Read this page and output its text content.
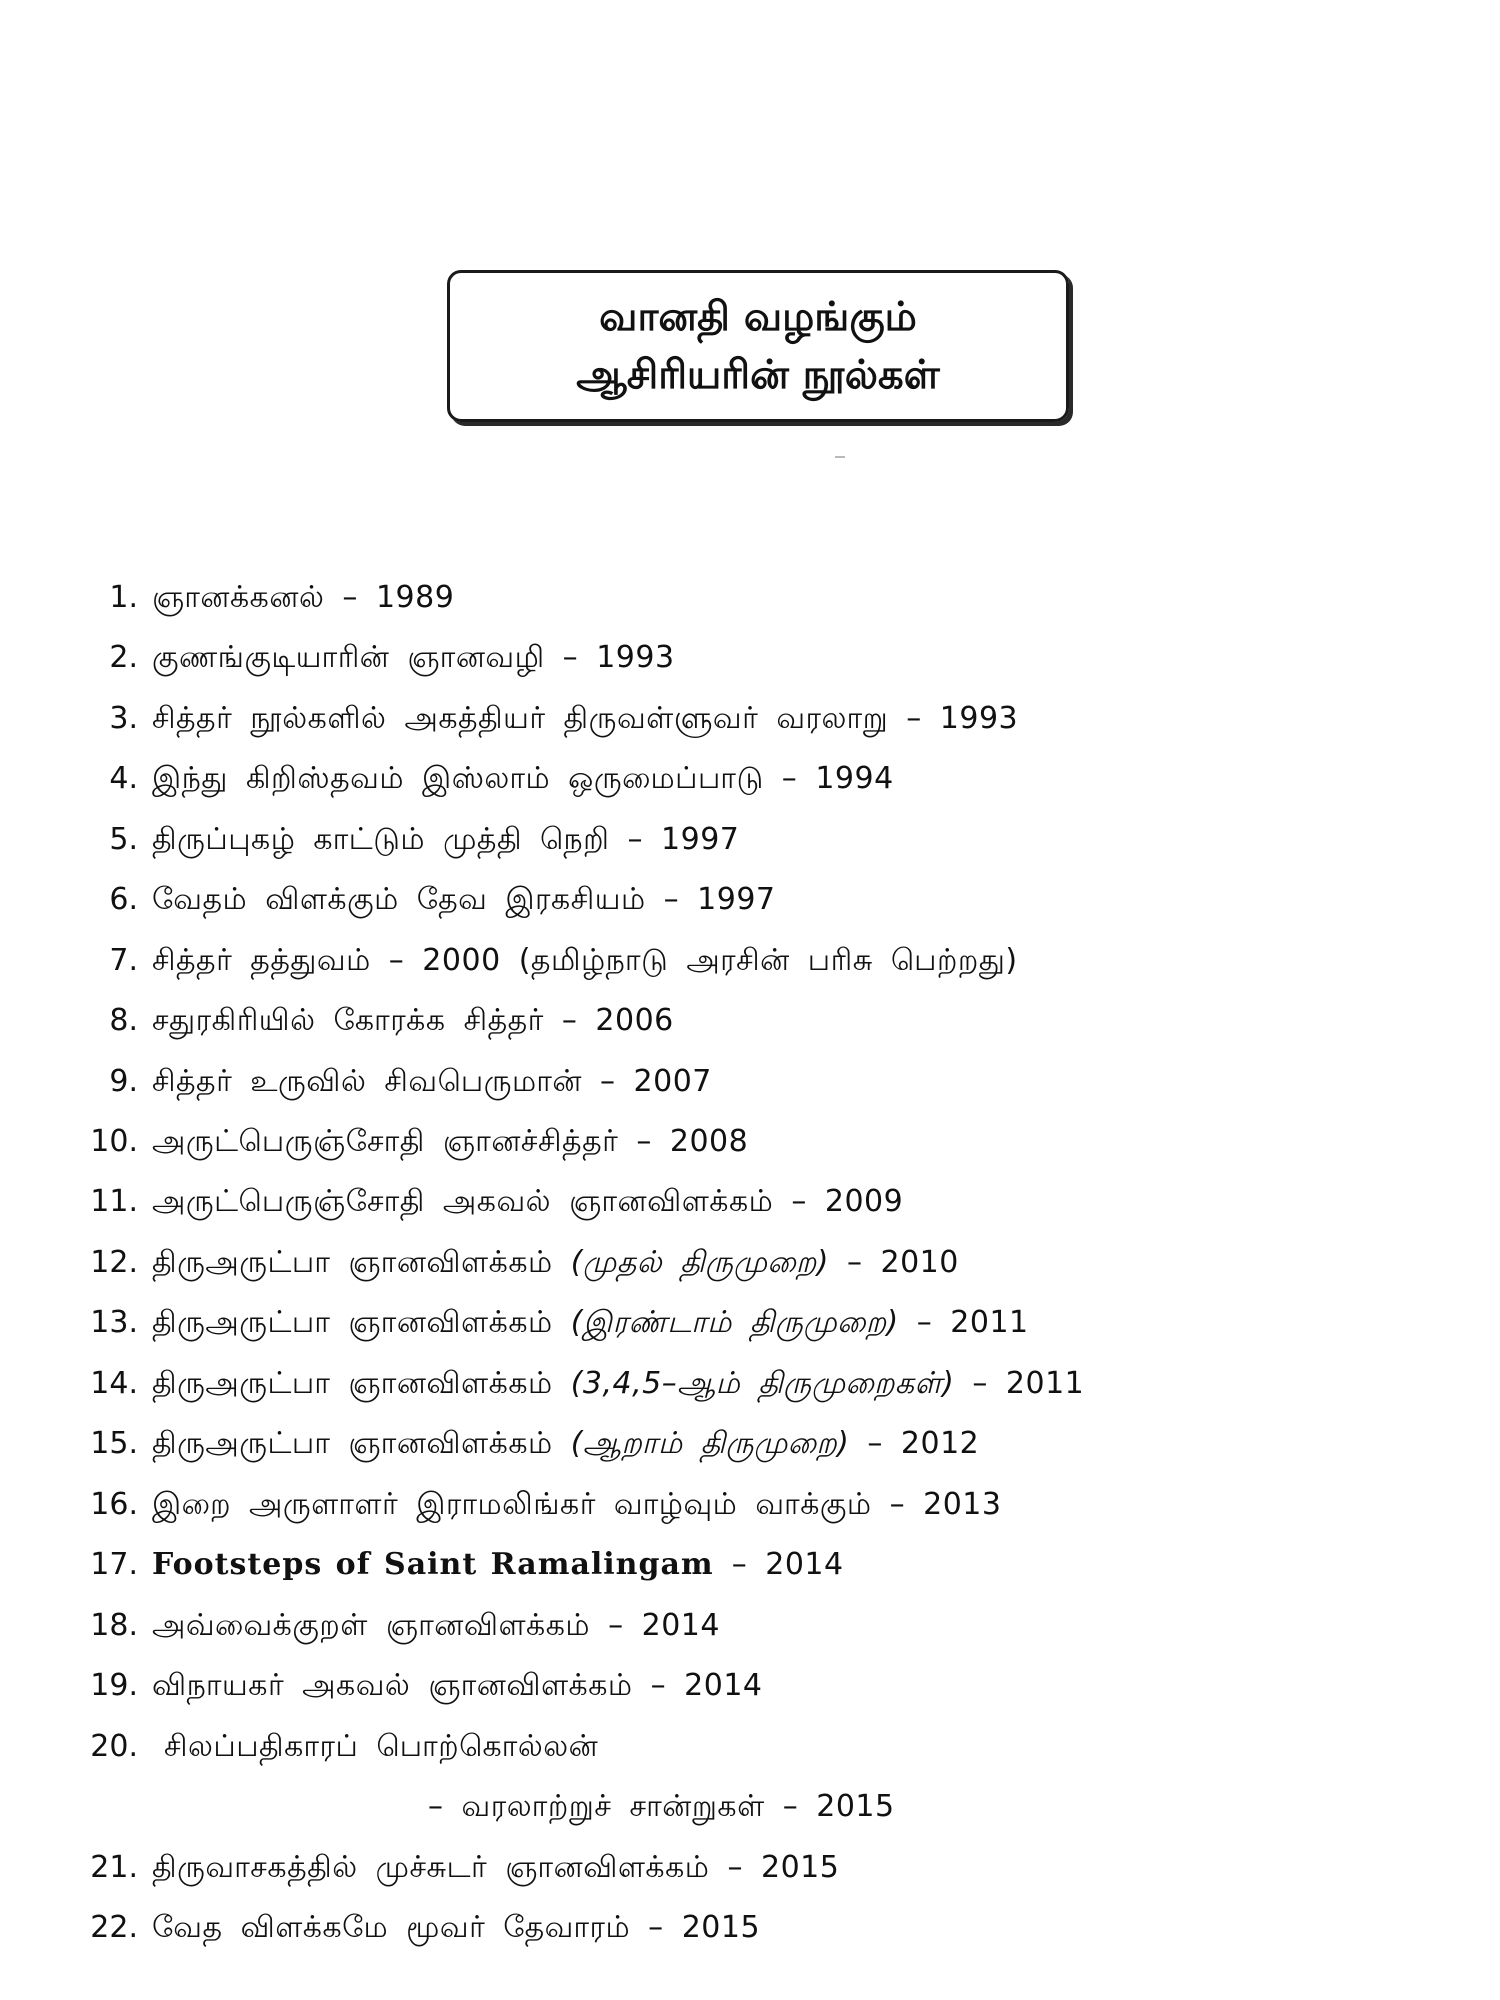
வானதி வழங்கும்
ஆசிரியரின் நூல்கள்
1. ஞானக்கனல் – 1989
2. குணங்குடியாரின் ஞானவழி – 1993
3. சித்தர் நூல்களில் அகத்தியர் திருவள்ளுவர் வரலாறு – 1993
4. இந்து கிறிஸ்தவம் இஸ்லாம் ஒருமைப்பாடு – 1994
5. திருப்புகழ் காட்டும் முத்தி நெறி – 1997
6. வேதம் விளக்கும் தேவ இரகசியம் – 1997
7. சித்தர் தத்துவம் – 2000 (தமிழ்நாடு அரசின் பரிசு பெற்றது)
8. சதுரகிரியில் கோரக்க சித்தர் – 2006
9. சித்தர் உருவில் சிவபெருமான் – 2007
10. அருட்பெருஞ்சோதி ஞானச்சித்தர் – 2008
11. அருட்பெருஞ்சோதி அகவல் ஞானவிளக்கம் – 2009
12. திருஅருட்பா ஞானவிளக்கம் (முதல் திருமுறை) – 2010
13. திருஅருட்பா ஞானவிளக்கம் (இரண்டாம் திருமுறை) – 2011
14. திருஅருட்பா ஞானவிளக்கம் (3,4,5–ஆம் திருமுறைகள்) – 2011
15. திருஅருட்பா ஞானவிளக்கம் (ஆறாம் திருமுறை) – 2012
16. இறை அருளாளர் இராமலிங்கர் வாழ்வும் வாக்கும் – 2013
17. Footsteps of Saint Ramalingam – 2014
18. அவ்வைக்குறள் ஞானவிளக்கம் – 2014
19. விநாயகர் அகவல் ஞானவிளக்கம் – 2014
20. சிலப்பதிகாரப் பொற்கொல்லன்
– வரலாற்றுச் சான்றுகள் – 2015
21. திருவாசகத்தில் முச்சுடர் ஞானவிளக்கம் – 2015
22. வேத விளக்கமே மூவர் தேவாரம் – 2015
